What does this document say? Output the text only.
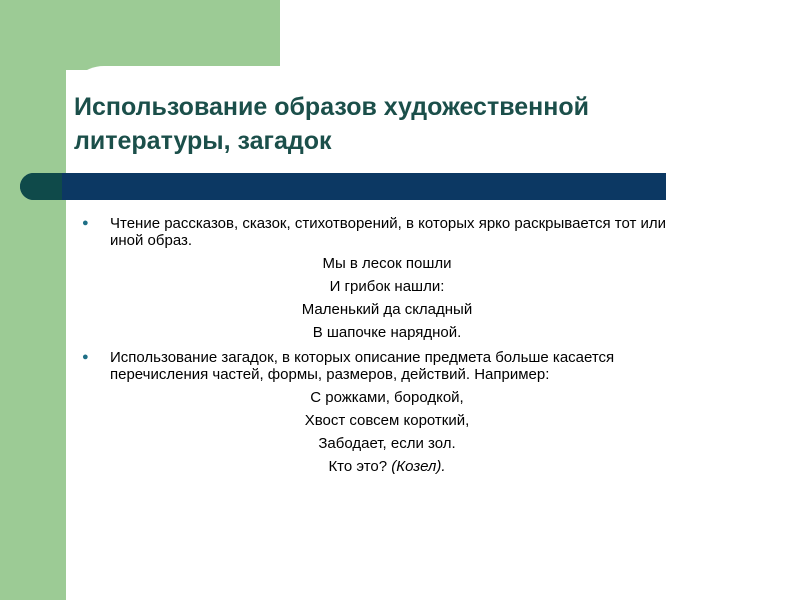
Использование образов художественной
литературы, загадок
● Чтение рассказов, сказок, стихотворений, в которых ярко раскрывается тот или иной образ.
Мы в лесок пошли
И грибок нашли:
Маленький да складный
В шапочке нарядной.
● Использование загадок, в которых описание предмета больше касается перечисления частей, формы, размеров, действий. Например:
С рожками, бородкой,
Хвост совсем короткий,
Забодает, если зол.
Кто это? (Козел).
